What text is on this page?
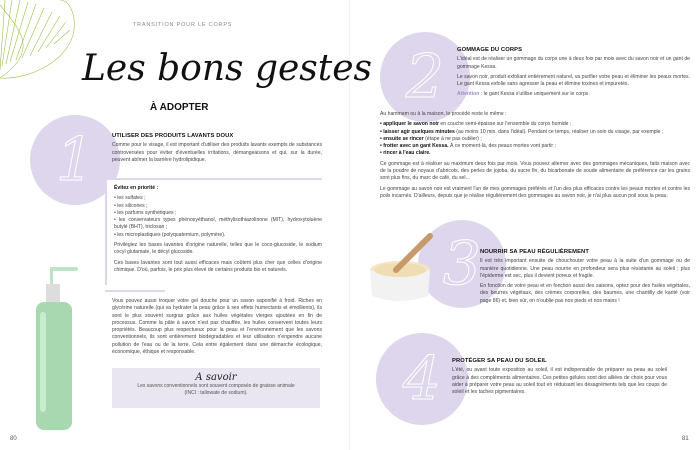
TRANSITION POUR LE CORPS
Les bons gestes
À ADOPTER
1	UTILISER DES PRODUITS LAVANTS DOUX

Comme pour le visage, il est important d'utiliser des produits lavants exempts de substances controversées pour éviter d'éventuelles irritations, démangeaisons et qui, sur la durée, peuvent abîmer la barrière hydrolipidique.

Évitez en priorité :
• les sulfates ;
• les silicones ;
• les parfums synthétiques ;
• les conservateurs types phénoxyéthanol, méthylisothiazolinone (MIT), hydroxytoluène butylé (BHT), triclosan ;
• les microplastiques (polyquaternium, polymère).

Privilégiez les bases lavantes d'origine naturelle, telles que le coco-glucoside, le sodium cocyl glutamate, le décyl glucoside.

Ces bases lavantes sont tout aussi efficaces mais coûtent plus cher que celles d'origine chimique. D'où, parfois, le prix plus élevé de certains produits bio et naturels.

Vous pouvez aussi troquer votre gel douche pour un savon saponifié à froid. Riches en glycérine naturelle (qui va hydrater la peau grâce à ses effets humectants et émollients), ils sont le plus souvent surgras grâce aux huiles végétales vierges ajoutées en fin de processus. Comme la pâte à savon n'est pas chauffée, les huiles conservent toutes leurs propriétés. Beaucoup plus respectueux pour la peau et l'environnement que les savons conventionnels, ils sont entièrement biodégradables et leur utilisation n'engendre aucune pollution de l'eau ou de la terre. Cela entre également dans une démarche écologique, économique, éthique et responsable.
A savoir
Les savons conventionnels sont souvent composés de graisse animale (INCI : tallowate de sodium).
80
2 GOMMAGE DU CORPS

L'idéal est de réaliser un gommage du corps une à deux fois par mois avec du savon noir et un gant de gommage Kessa.

Le savon noir, produit exfoliant entièrement naturel, va purifier votre peau et éliminer les peaux mortes. Le gant Kessa exfolie sans agresser la peau et élimine toxines et impuretés.

Attention : le gant Kessa s'utilise uniquement sur le corps.

Au hammam ou à la maison, le procédé reste le même :

• appliquer le savon noir en couche semi-épaisse sur l'ensemble du corps humide ;
• laisser agir quelques minutes (au moins 10 min. dans l'idéal). Pendant ce temps, réaliser un soin du visage, par exemple ;
• ensuite se rincer (étape à ne pas oublier) ;
• frotter avec un gant Kessa. À ce moment-là, des peaux mortes vont partir ;
• rincer à l'eau claire.

Ce gommage est à réaliser au maximum deux fois par mois. Vous pouvez alterner avec des gommages mécaniques, faits maison avec de la poudre de noyaux d'abricots, des perles de jojoba, du sucre fin, du bicarbonate de soude alimentaire de préférence car les grains sont plus fins, du marc de café, du sel…

Le gommage au savon noir est vraiment l'un de mes gommages préférés et l'un des plus efficaces contre les peaux mortes et contre les poils incarnés. D'ailleurs, depuis que je réalise régulièrement des gommages au savon noir, je n'ai plus aucun poil sous la peau.

3
NOURRIR SA PEAU RÉGULIÈREMENT

Il est très important ensuite de chouchouter votre peau à la suite d'un gommage ou de manière quotidienne. Une peau nourrie en profondeur sera plus résistante au soleil ; plus l'épiderme est sec, plus il devient poreux et fragile.

En fonction de votre peau et en fonction aussi des saisons, optez pour des huiles végétales, des beurres végétaux, des crèmes corporelles, des baumes, une chantilly de karité (voir page 86) et, bien sûr, on n'oublie pas nos pieds et nos mains !

4 PROTÉGER SA PEAU DU SOLEIL

L'été, ou avant toute exposition au soleil, il est indispensable de préparer sa peau au soleil grâce à des compléments alimentaires. Ces petites gélules sont des alliées de choix pour vous aider à préparer votre peau au soleil tout en réduisant les désagréments tels que les coups de soleil et les taches pigmentaires.

81
